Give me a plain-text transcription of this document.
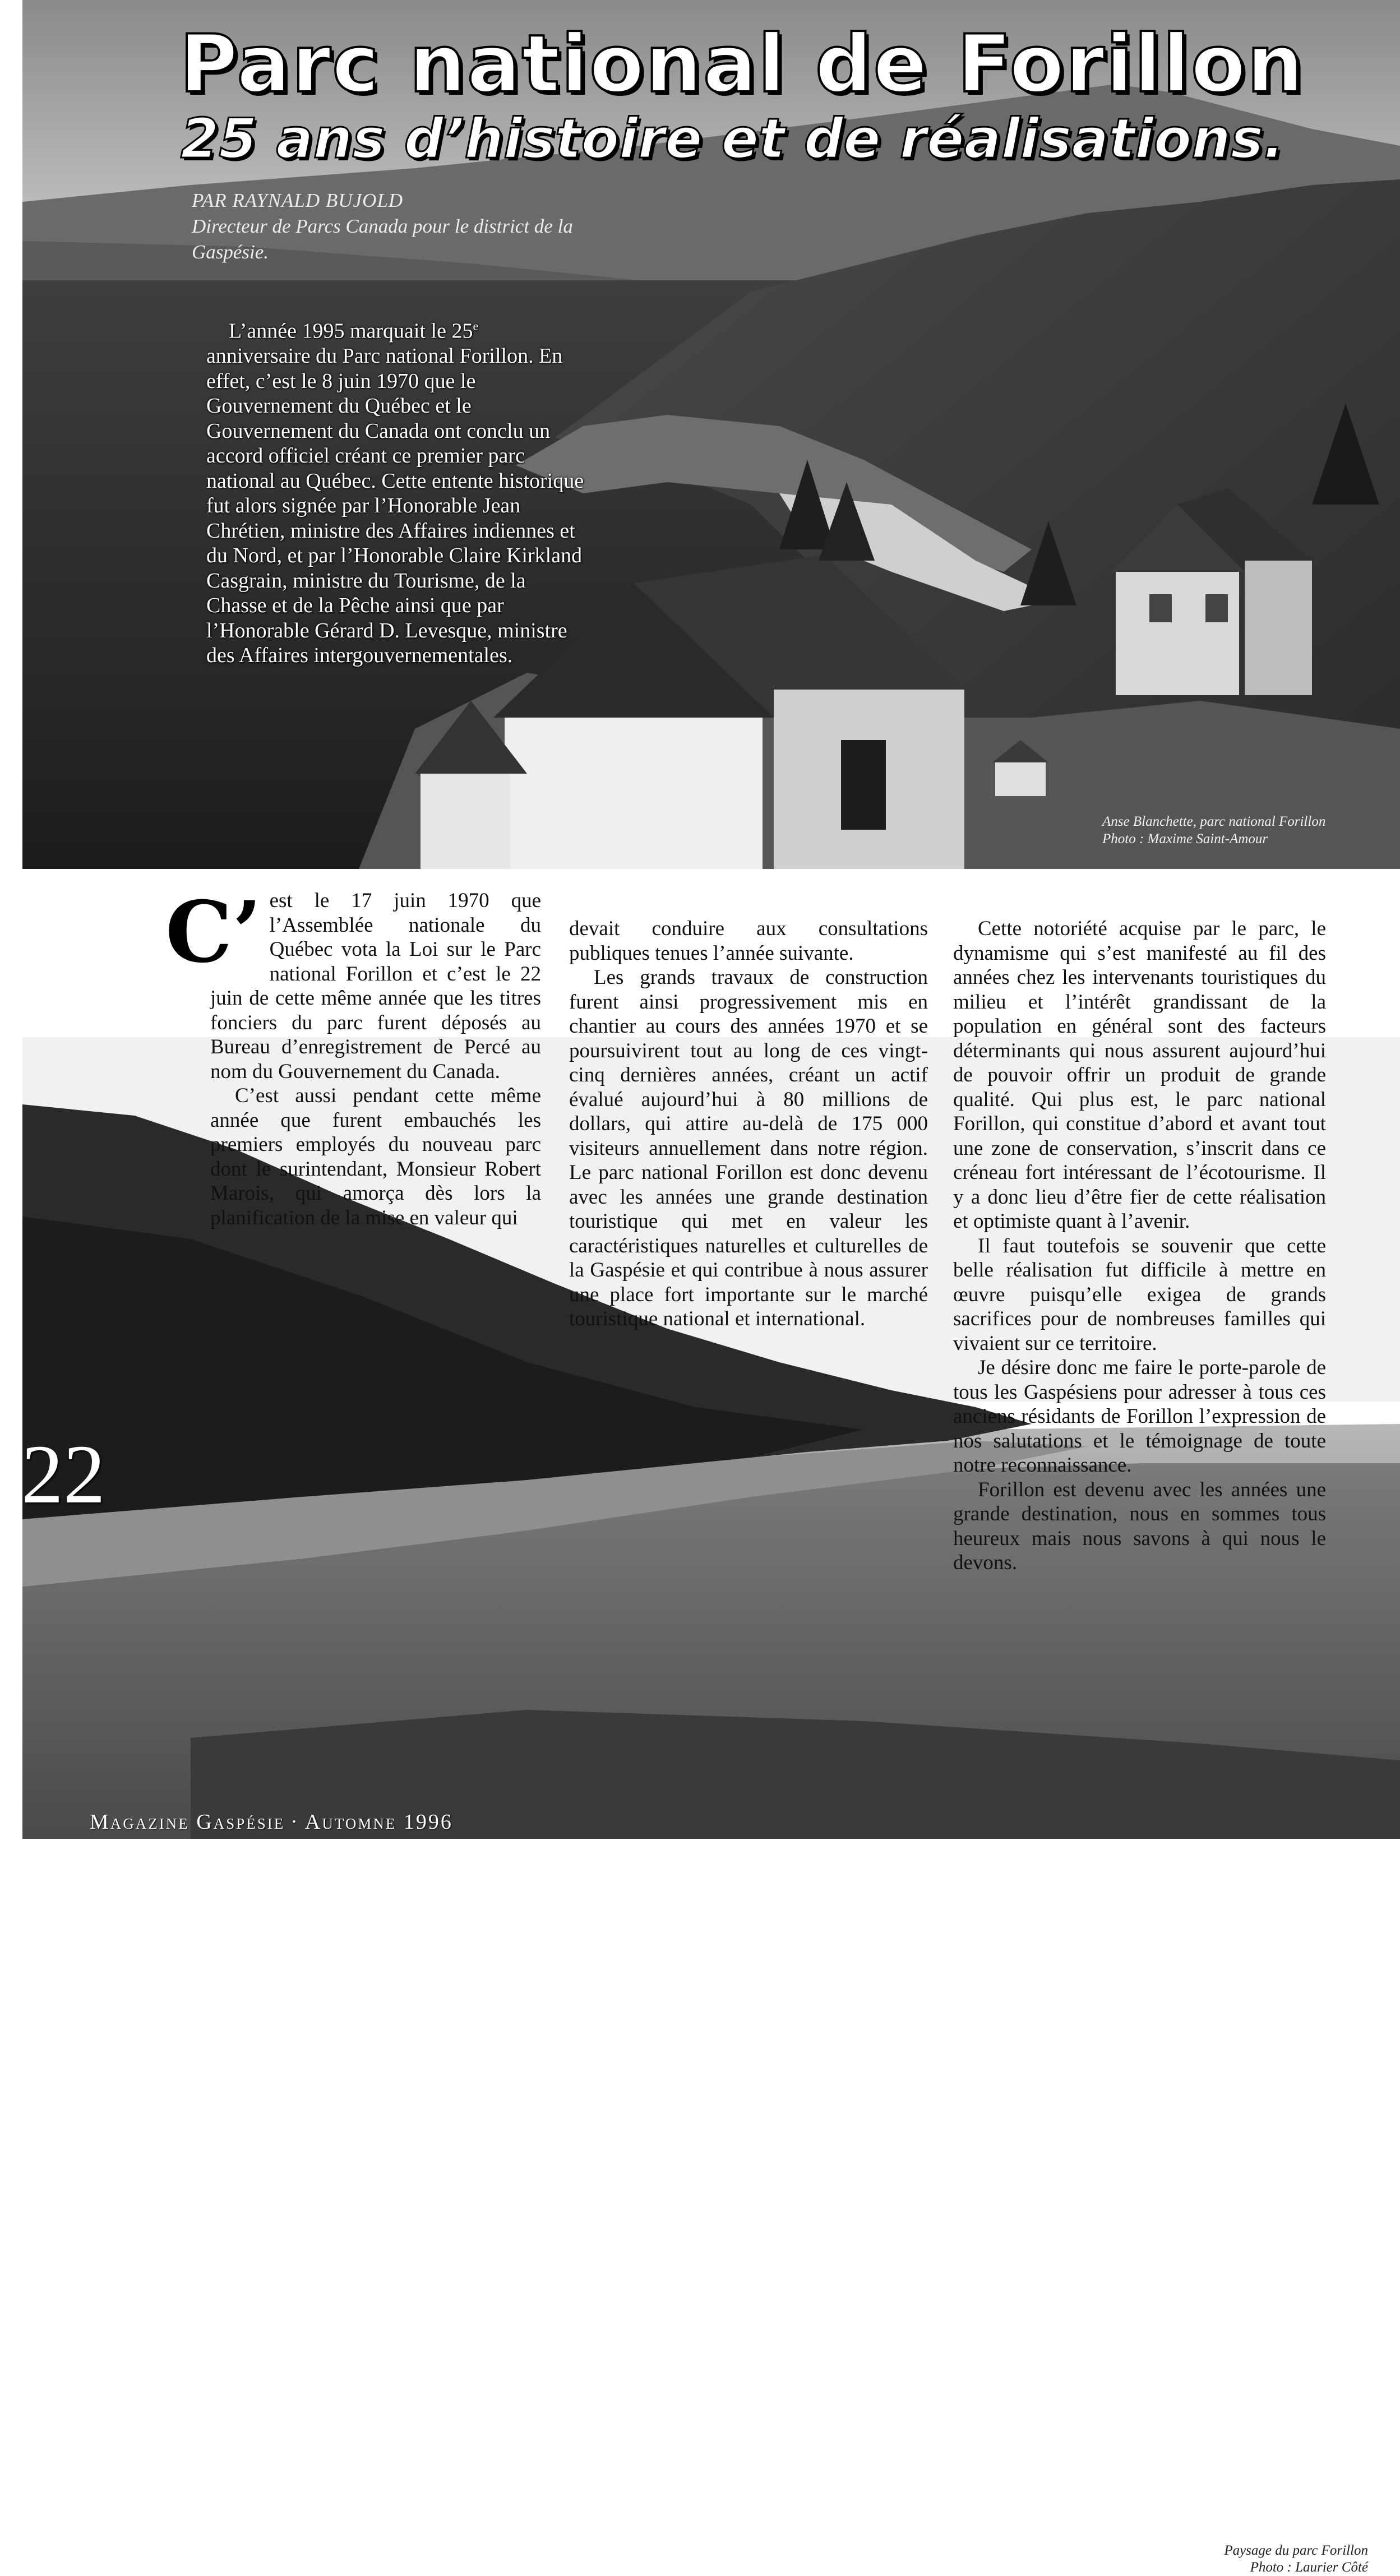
Parc national de Forillon
25 ans d’histoire et de réalisations.
PAR RAYNALD BUJOLD
Directeur de Parcs Canada pour le district de la Gaspésie.

L’année 1995 marquait le 25e anniversaire du Parc national Forillon. En effet, c’est le 8 juin 1970 que le Gouvernement du Québec et le Gouvernement du Canada ont conclu un accord officiel créant ce premier parc national au Québec. Cette entente historique fut alors signée par l’Honorable Jean Chrétien, ministre des Affaires indiennes et du Nord, et par l’Honorable Claire Kirkland Casgrain, ministre du Tourisme, de la Chasse et de la Pêche ainsi que par l’Honorable Gérard D. Levesque, ministre des Affaires intergouvernementales.

Anse Blanchette, parc national Forillon
Photo : Maxime Saint-Amour
Paysage du parc Forillon
Photo : Laurier Côté
C’ est le 17 juin 1970 que l’Assemblée nationale du Québec vota la Loi sur le Parc national Forillon et c’est le 22 juin de cette même année que les titres fonciers du parc furent déposés au Bureau d’enregistrement de Percé au nom du Gouvernement du Canada.

C’est aussi pendant cette même année que furent embauchés les premiers employés du nouveau parc dont le surintendant, Monsieur Robert Marois, qui amorça dès lors la planification de la mise en valeur qui

devait conduire aux consultations publiques tenues l’année suivante.

Les grands travaux de construction furent ainsi progressivement mis en chantier au cours des années 1970 et se poursuivirent tout au long de ces vingt-cinq dernières années, créant un actif évalué aujourd’hui à 80 millions de dollars, qui attire au-delà de 175 000 visiteurs annuellement dans notre région. Le parc national Forillon est donc devenu avec les années une grande destination touristique qui met en valeur les caractéristiques naturelles et culturelles de la Gaspésie et qui contribue à nous assurer une place fort importante sur le marché touristique national et international.

Cette notoriété acquise par le parc, le dynamisme qui s’est manifesté au fil des années chez les intervenants touristiques du milieu et l’intérêt grandissant de la population en général sont des facteurs déterminants qui nous assurent aujourd’hui de pouvoir offrir un produit de grande qualité. Qui plus est, le parc national Forillon, qui constitue d’abord et avant tout une zone de conservation, s’inscrit dans ce créneau fort intéressant de l’écotourisme. Il y a donc lieu d’être fier de cette réalisation et optimiste quant à l’avenir.

Il faut toutefois se souvenir que cette belle réalisation fut difficile à mettre en œuvre puisqu’elle exigea de grands sacrifices pour de nombreuses familles qui vivaient sur ce territoire.

Je désire donc me faire le porte-parole de tous les Gaspésiens pour adresser à tous ces anciens résidants de Forillon l’expression de nos salutations et le témoignage de toute notre reconnaissance.

Forillon est devenu avec les années une grande destination, nous en sommes tous heureux mais nous savons à qui nous le devons.

22
Magazine Gaspésie · Automne 1996
